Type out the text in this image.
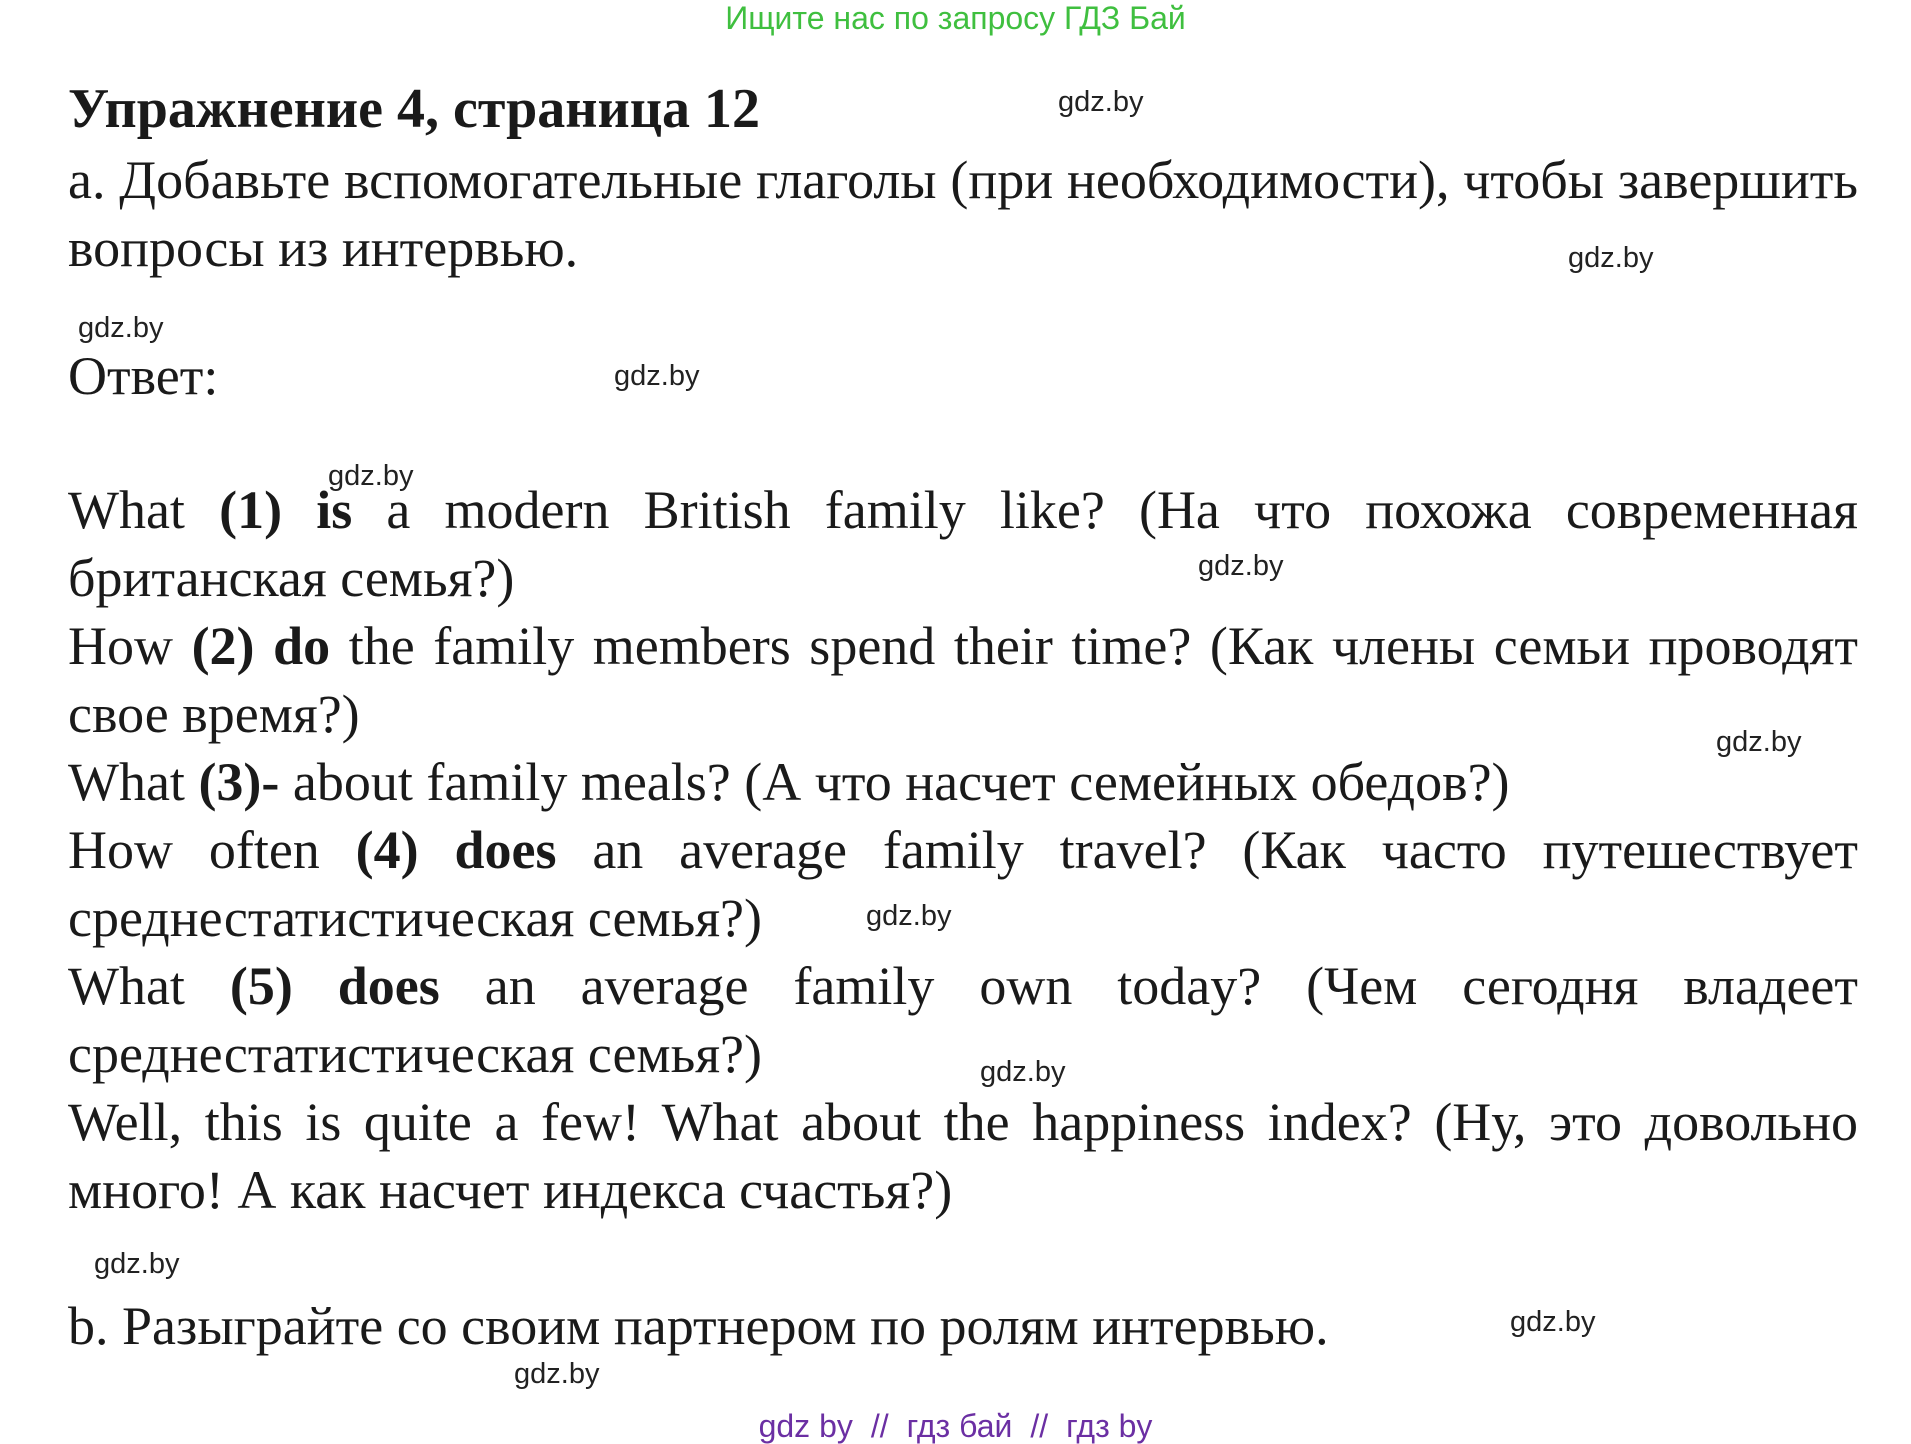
Ищите нас по запросу ГДЗ Бай
Упражнение 4, страница 12

а. Добавьте вспомогательные глаголы (при необходимости), чтобы завершить вопросы из интервью.

Ответ:

What (1) is a modern British family like? (На что похожа современная британская семья?)

How (2) do the family members spend their time? (Как члены семьи проводят свое время?)

What (3)- about family meals? (А что насчет семейных обедов?)

How often (4) does an average family travel? (Как часто путешествует среднестатистическая семья?)

What (5) does an average family own today? (Чем сегодня владеет среднестатистическая семья?)

Well, this is quite a few! What about the happiness index? (Ну, это довольно много! А как насчет индекса счастья?)

b. Разыграйте со своим партнером по ролям интервью.

gdz.by
gdz.by
gdz.by
gdz.by
gdz.by
gdz.by
gdz.by
gdz.by
gdz.by
gdz.by
gdz.by
gdz.by
gdz by // гдз бай // гдз by
